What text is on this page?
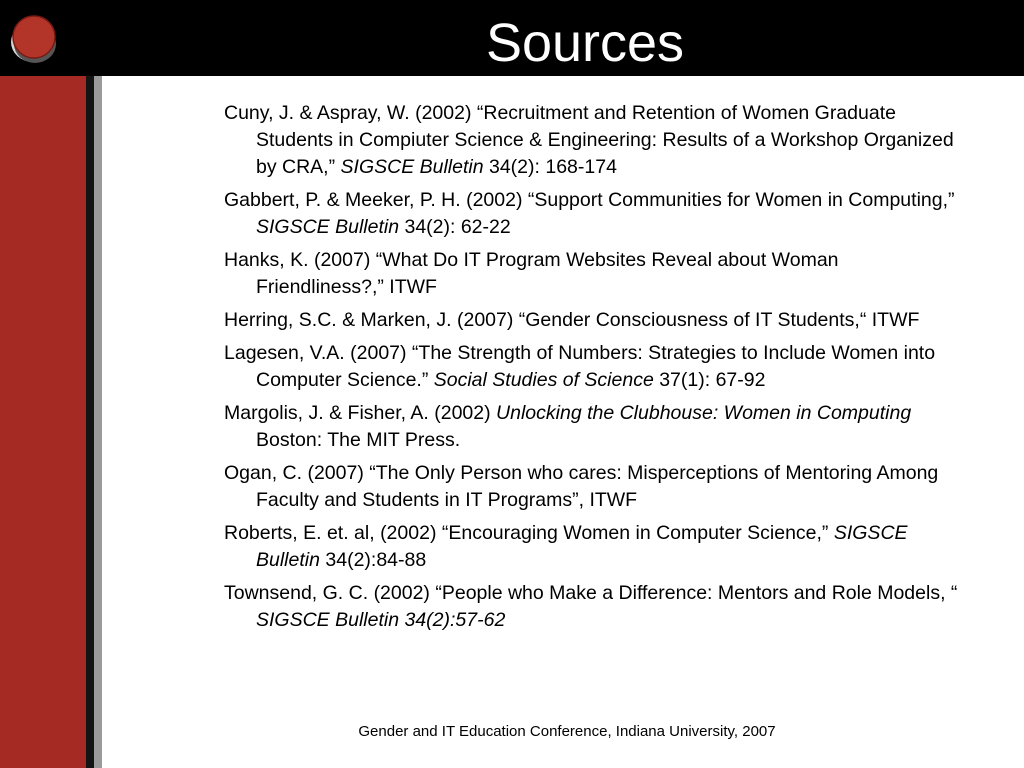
Sources
Cuny, J. & Aspray, W. (2002) “Recruitment and Retention of Women Graduate Students in Compiuter Science & Engineering: Results of a Workshop Organized by CRA,” SIGSCE Bulletin 34(2): 168-174
Gabbert, P. & Meeker, P. H. (2002) “Support Communities for Women in Computing,” SIGSCE Bulletin 34(2): 62-22
Hanks, K. (2007) “What Do IT Program Websites Reveal about Woman Friendliness?,” ITWF
Herring, S.C. & Marken, J. (2007) “Gender Consciousness of IT Students,“ ITWF
Lagesen, V.A. (2007) “The Strength of Numbers: Strategies to Include Women into Computer Science.” Social Studies of Science 37(1): 67-92
Margolis, J. & Fisher, A. (2002) Unlocking the Clubhouse: Women in Computing Boston: The MIT Press.
Ogan, C. (2007) “The Only Person who cares: Misperceptions of Mentoring Among Faculty and Students in IT Programs”, ITWF
Roberts, E. et. al, (2002) “Encouraging Women in Computer Science,” SIGSCE Bulletin 34(2):84-88
Townsend, G. C. (2002) “People who Make a Difference: Mentors and Role Models, “ SIGSCE Bulletin 34(2):57-62
Gender and IT Education Conference, Indiana University, 2007
